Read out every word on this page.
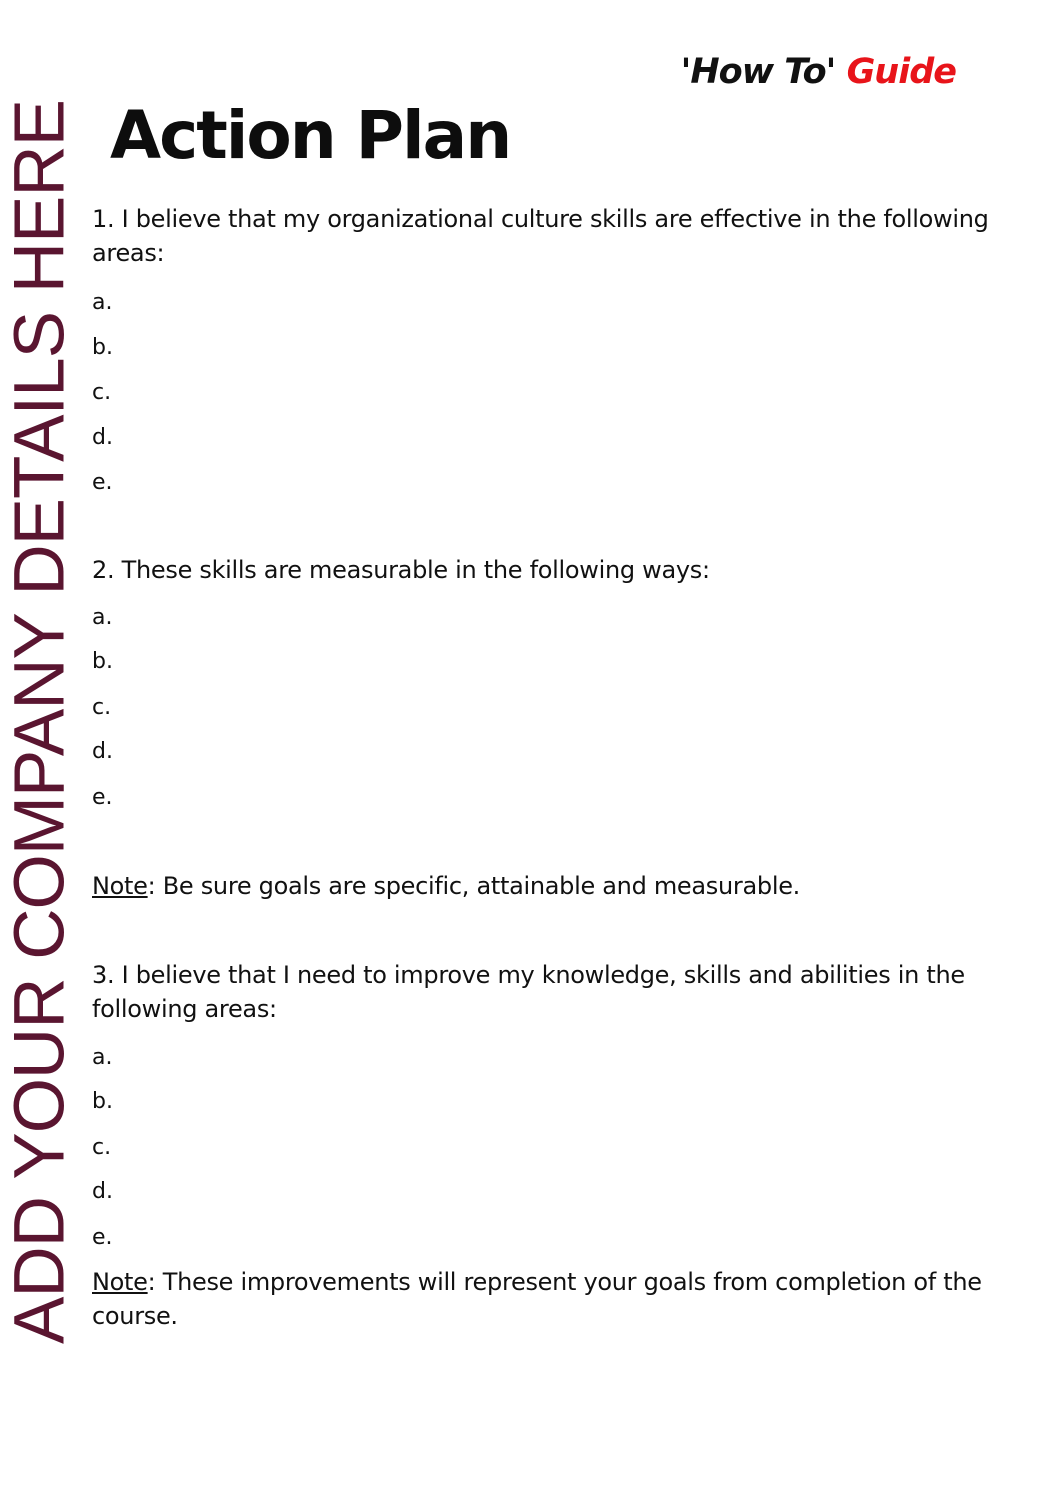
ADD YOUR COMPANY DETAILS HERE
'How To' Guide
Action Plan

1. I believe that my organizational culture skills are effective in the following areas:

a.
b.
c.
d.
e.

2. These skills are measurable in the following ways:

a.
b.
c.
d.
e.

Note: Be sure goals are specific, attainable and measurable.

3. I believe that I need to improve my knowledge, skills and abilities in the following areas:

a.
b.
c.
d.
e.

Note: These improvements will represent your goals from completion of the course.
